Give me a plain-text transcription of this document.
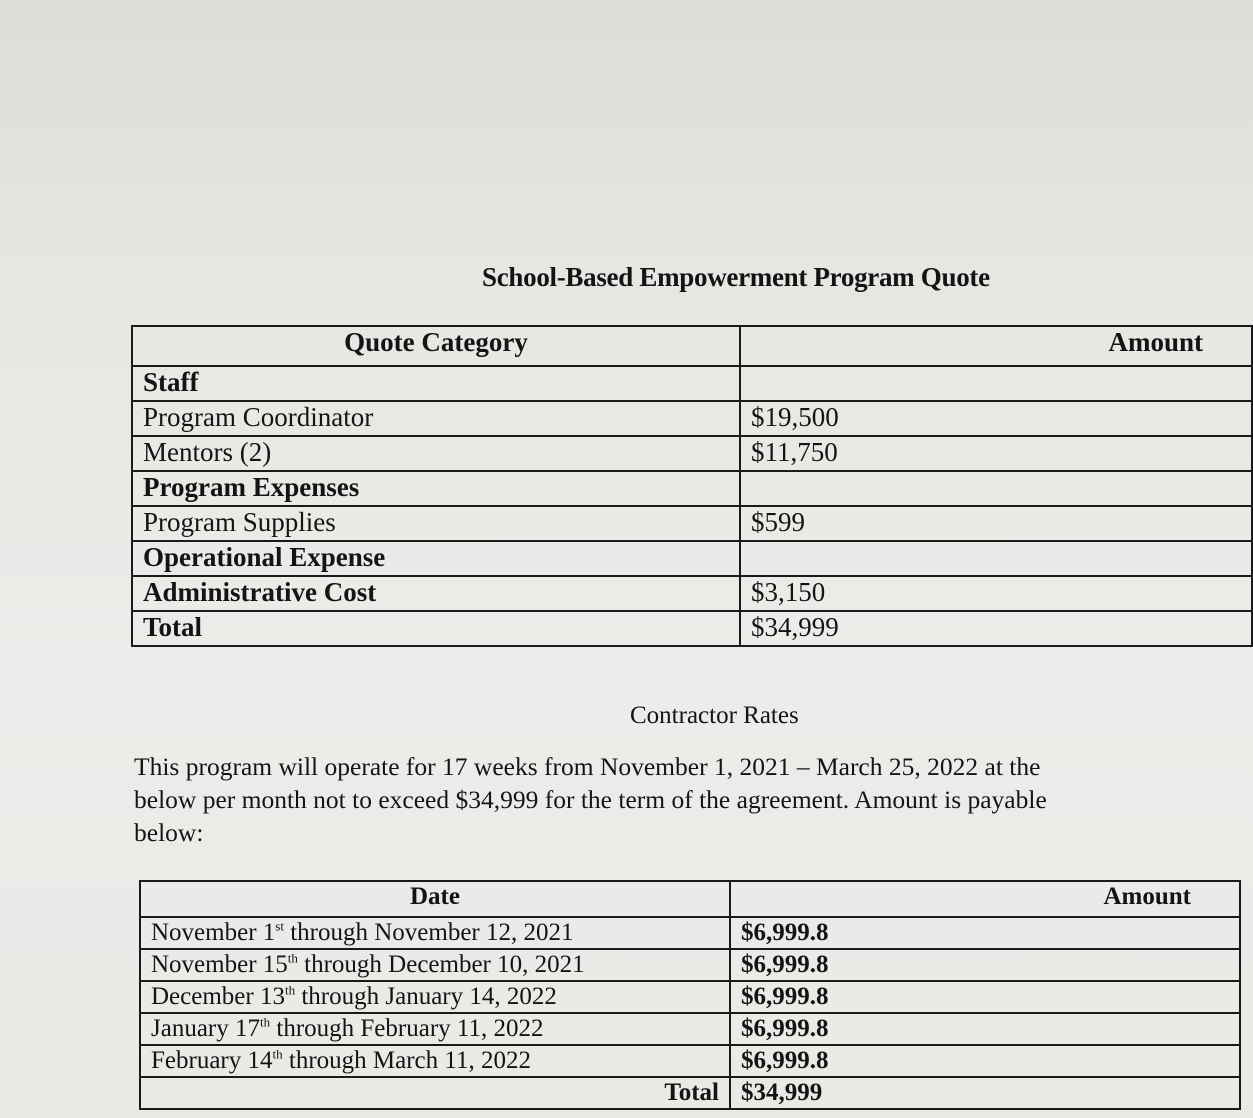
School-Based Empowerment Program Quote
Quote Category	Amount
Staff	
Program Coordinator	$19,500
Mentors (2)	$11,750
Program Expenses	
Program Supplies	$599
Operational Expense	
Administrative Cost	$3,150
Total	$34,999
Contractor Rates
This program will operate for 17 weeks from November 1, 2021 – March 25, 2022 at the
below per month not to exceed $34,999 for the term of the agreement. Amount is payable
below:
Date	Amount
November 1st through November 12, 2021	$6,999.8
November 15th through December 10, 2021	$6,999.8
December 13th through January 14, 2022	$6,999.8
January 17th through February 11, 2022	$6,999.8
February 14th through March 11, 2022	$6,999.8
Total	$34,999
